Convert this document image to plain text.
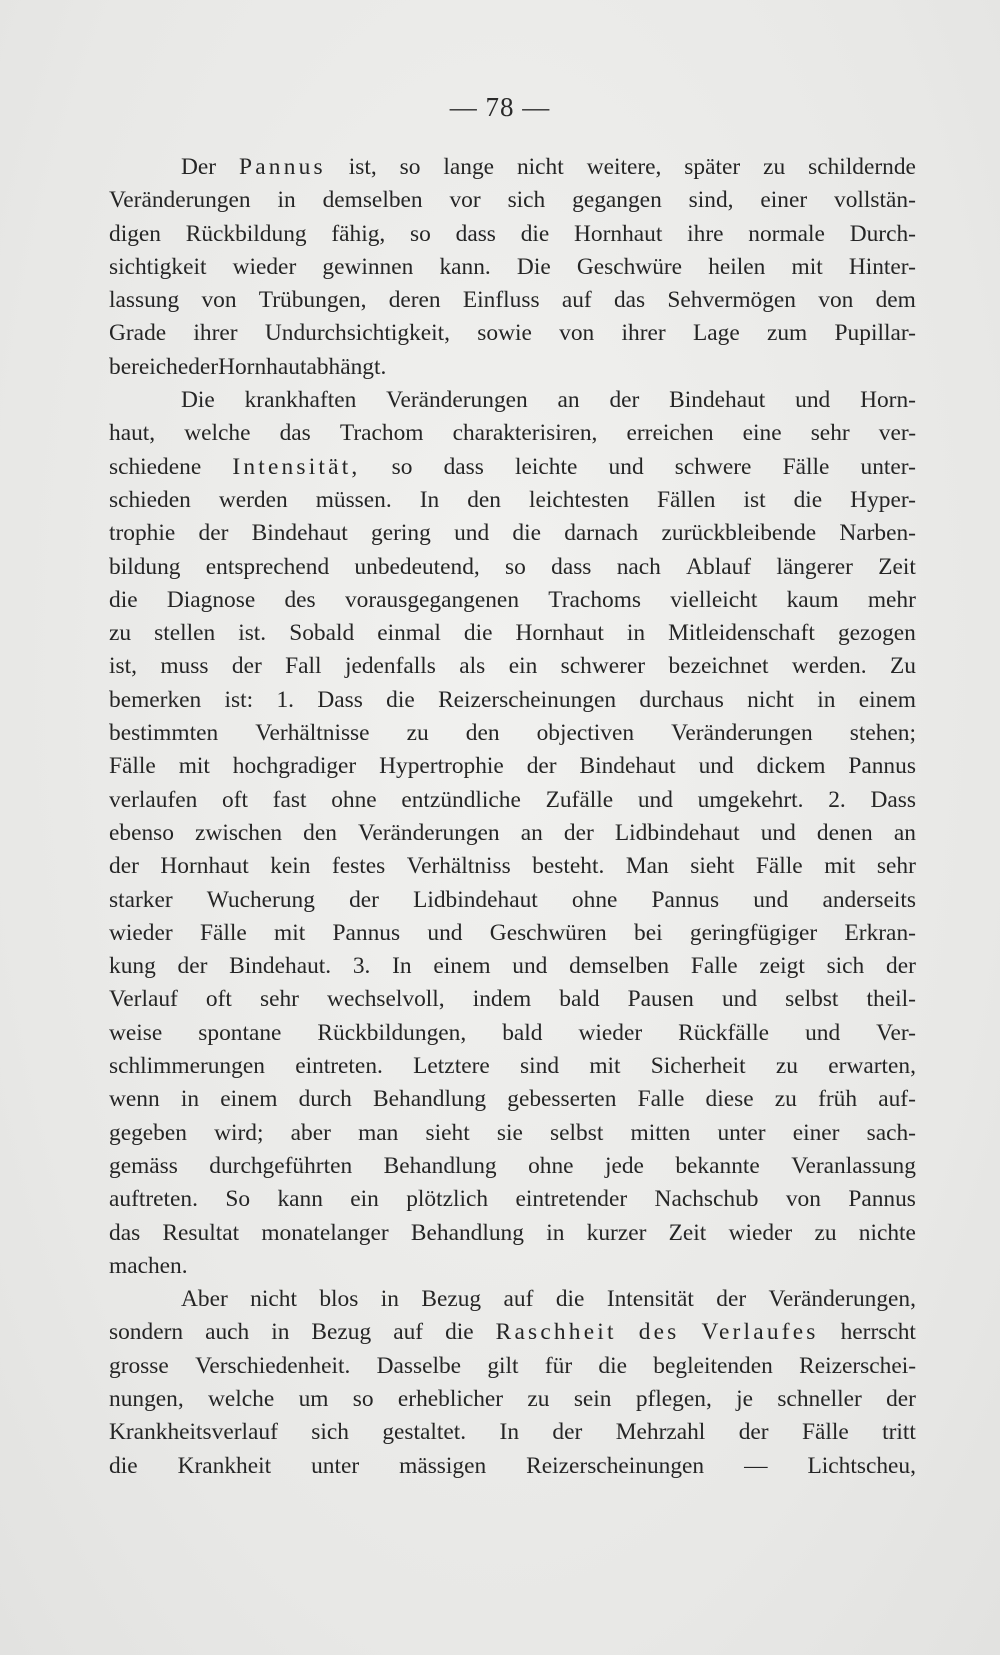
— 78 —
Der Pannus ist, so lange nicht weitere, später zu schildernde
Veränderungen in demselben vor sich gegangen sind, einer vollstän-
digen Rückbildung fähig, so dass die Hornhaut ihre normale Durch-
sichtigkeit wieder gewinnen kann. Die Geschwüre heilen mit Hinter-
lassung von Trübungen, deren Einfluss auf das Sehvermögen von dem
Grade ihrer Undurchsichtigkeit, sowie von ihrer Lage zum Pupillar-
bereiche der Hornhaut abhängt.
Die krankhaften Veränderungen an der Bindehaut und Horn-
haut, welche das Trachom charakterisiren, erreichen eine sehr ver-
schiedene Intensität, so dass leichte und schwere Fälle unter-
schieden werden müssen. In den leichtesten Fällen ist die Hyper-
trophie der Bindehaut gering und die darnach zurückbleibende Narben-
bildung entsprechend unbedeutend, so dass nach Ablauf längerer Zeit
die Diagnose des vorausgegangenen Trachoms vielleicht kaum mehr
zu stellen ist. Sobald einmal die Hornhaut in Mitleidenschaft gezogen
ist, muss der Fall jedenfalls als ein schwerer bezeichnet werden. Zu
bemerken ist: 1. Dass die Reizerscheinungen durchaus nicht in einem
bestimmten Verhältnisse zu den objectiven Veränderungen stehen;
Fälle mit hochgradiger Hypertrophie der Bindehaut und dickem Pannus
verlaufen oft fast ohne entzündliche Zufälle und umgekehrt. 2. Dass
ebenso zwischen den Veränderungen an der Lidbindehaut und denen an
der Hornhaut kein festes Verhältniss besteht. Man sieht Fälle mit sehr
starker Wucherung der Lidbindehaut ohne Pannus und anderseits
wieder Fälle mit Pannus und Geschwüren bei geringfügiger Erkran-
kung der Bindehaut. 3. In einem und demselben Falle zeigt sich der
Verlauf oft sehr wechselvoll, indem bald Pausen und selbst theil-
weise spontane Rückbildungen, bald wieder Rückfälle und Ver-
schlimmerungen eintreten. Letztere sind mit Sicherheit zu erwarten,
wenn in einem durch Behandlung gebesserten Falle diese zu früh auf-
gegeben wird; aber man sieht sie selbst mitten unter einer sach-
gemäss durchgeführten Behandlung ohne jede bekannte Veranlassung
auftreten. So kann ein plötzlich eintretender Nachschub von Pannus
das Resultat monatelanger Behandlung in kurzer Zeit wieder zu nichte
machen.
Aber nicht blos in Bezug auf die Intensität der Veränderungen,
sondern auch in Bezug auf die Raschheit des Verlaufes herrscht
grosse Verschiedenheit. Dasselbe gilt für die begleitenden Reizerschei-
nungen, welche um so erheblicher zu sein pflegen, je schneller der
Krankheitsverlauf sich gestaltet. In der Mehrzahl der Fälle tritt
die Krankheit unter mässigen Reizerscheinungen — Lichtscheu,
